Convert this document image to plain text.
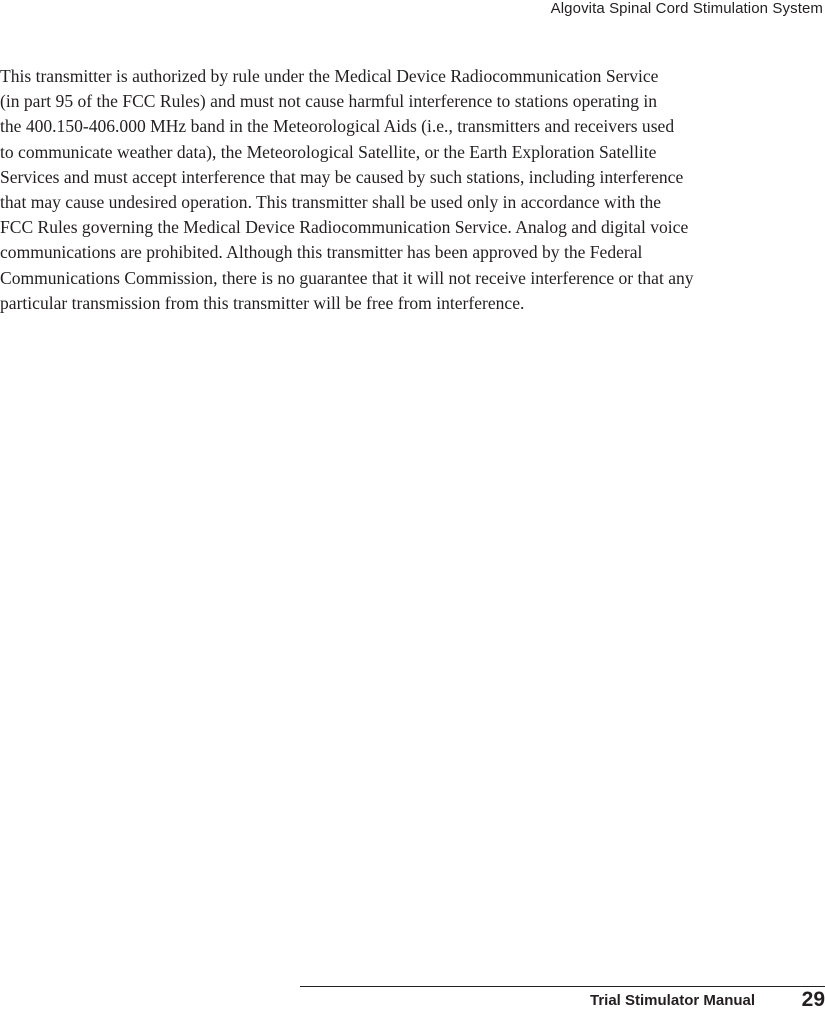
Algovita Spinal Cord Stimulation System
This transmitter is authorized by rule under the Medical Device Radiocommunication Service
(in part 95 of the FCC Rules) and must not cause harmful interference to stations operating in
the 400.150-406.000 MHz band in the Meteorological Aids (i.e., transmitters and receivers used
to communicate weather data), the Meteorological Satellite, or the Earth Exploration Satellite
Services and must accept interference that may be caused by such stations, including interference
that may cause undesired operation. This transmitter shall be used only in accordance with the
FCC Rules governing the Medical Device Radiocommunication Service. Analog and digital voice
communications are prohibited. Although this transmitter has been approved by the Federal
Communications Commission, there is no guarantee that it will not receive interference or that any
particular transmission from this transmitter will be free from interference.
Trial Stimulator Manual 29
